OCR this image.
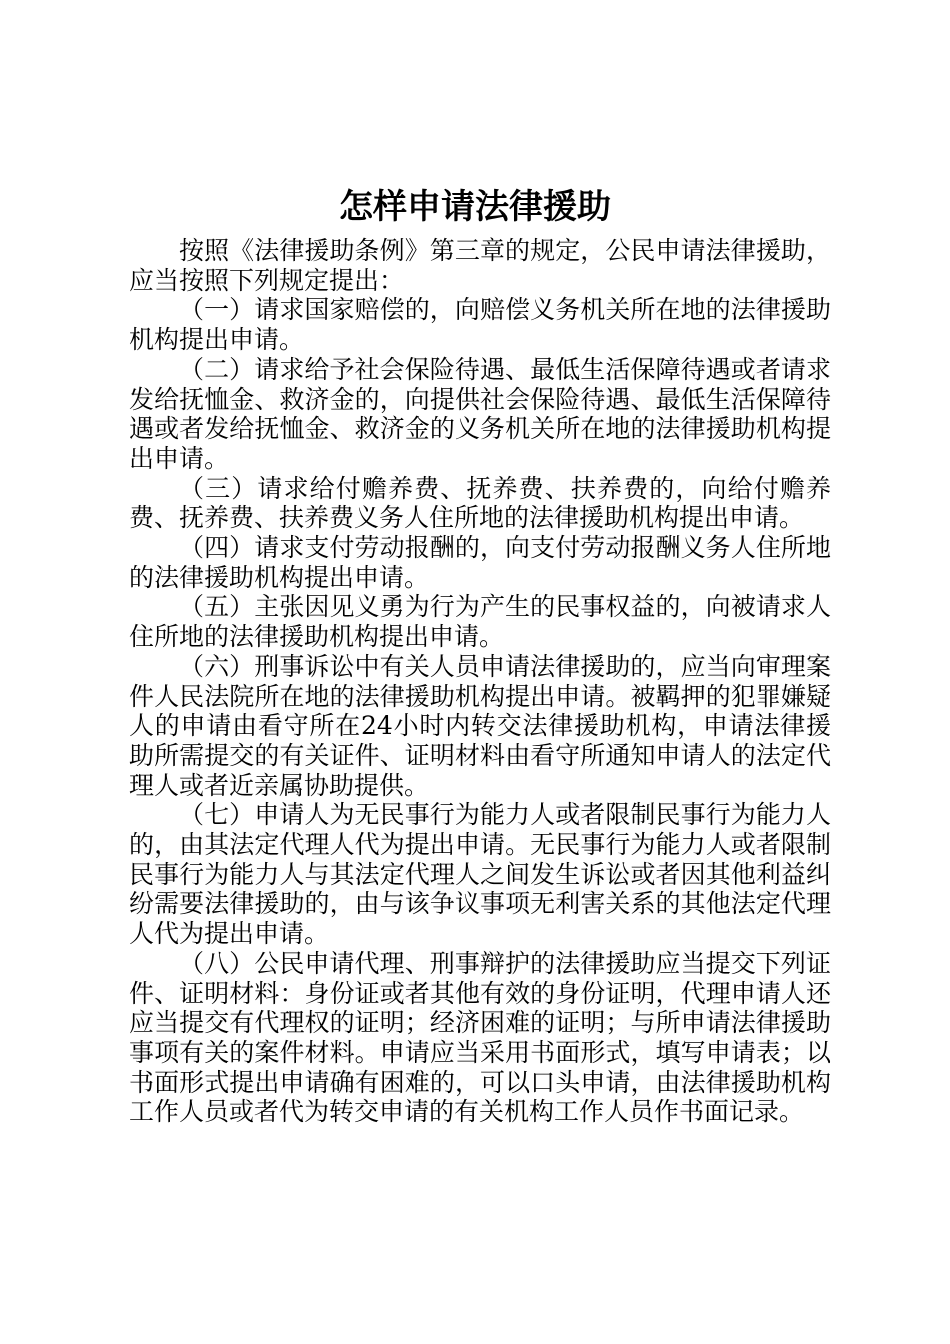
怎样申请法律援助

按照《法律援助条例》第三章的规定，公民申请法律援助，应当按照下列规定提出：

（一）请求国家赔偿的，向赔偿义务机关所在地的法律援助机构提出申请。

（二）请求给予社会保险待遇、最低生活保障待遇或者请求发给抚恤金、救济金的，向提供社会保险待遇、最低生活保障待遇或者发给抚恤金、救济金的义务机关所在地的法律援助机构提出申请。

（三）请求给付赡养费、抚养费、扶养费的，向给付赡养费、抚养费、扶养费义务人住所地的法律援助机构提出申请。

（四）请求支付劳动报酬的，向支付劳动报酬义务人住所地的法律援助机构提出申请。

（五）主张因见义勇为行为产生的民事权益的，向被请求人住所地的法律援助机构提出申请。

（六）刑事诉讼中有关人员申请法律援助的，应当向审理案件人民法院所在地的法律援助机构提出申请。被羁押的犯罪嫌疑人的申请由看守所在24小时内转交法律援助机构，申请法律援助所需提交的有关证件、证明材料由看守所通知申请人的法定代理人或者近亲属协助提供。

（七）申请人为无民事行为能力人或者限制民事行为能力人的，由其法定代理人代为提出申请。无民事行为能力人或者限制民事行为能力人与其法定代理人之间发生诉讼或者因其他利益纠纷需要法律援助的，由与该争议事项无利害关系的其他法定代理人代为提出申请。

（八）公民申请代理、刑事辩护的法律援助应当提交下列证件、证明材料：身份证或者其他有效的身份证明，代理申请人还应当提交有代理权的证明；经济困难的证明；与所申请法律援助事项有关的案件材料。申请应当采用书面形式，填写申请表；以书面形式提出申请确有困难的，可以口头申请，由法律援助机构工作人员或者代为转交申请的有关机构工作人员作书面记录。
